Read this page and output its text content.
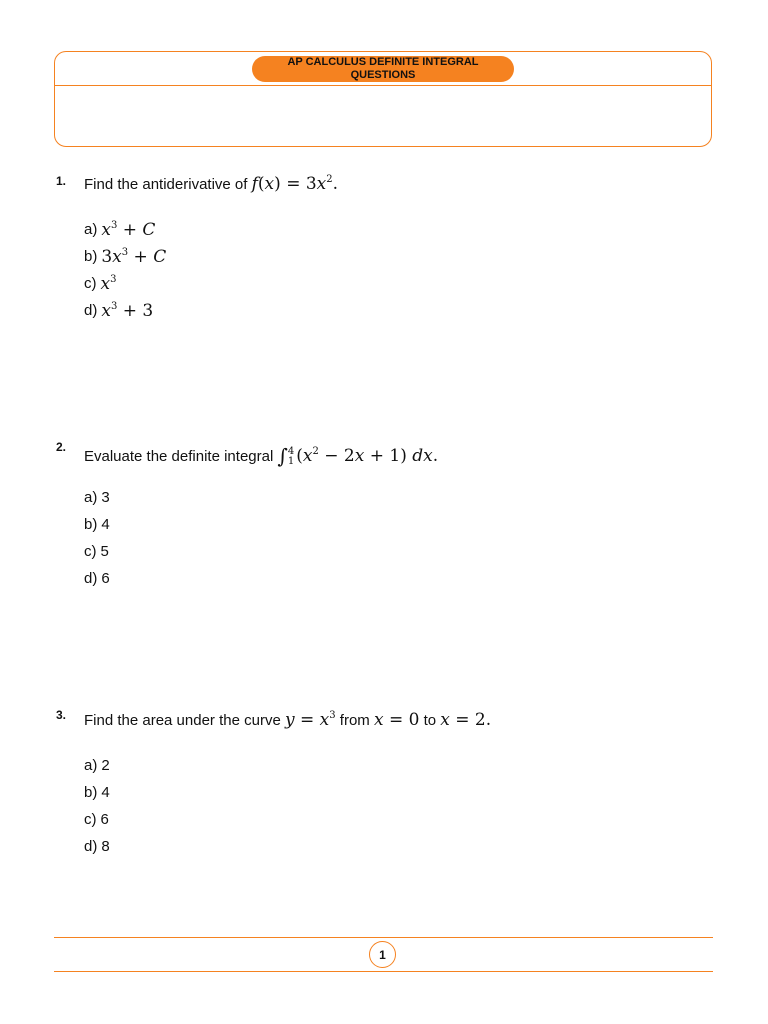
AP CALCULUS DEFINITE INTEGRAL
QUESTIONS
1. Find the antiderivative of $f(x) = 3x^2$.
a) $x^3 + C$
b) $3x^3 + C$
c) $x^3$
d) $x^3 + 3$
2.
Evaluate the definite integral ∫ 4
1 $(x^2 - 2x + 1)$ dx.
a) 3
b) 4
c) 5
d) 6
3. Find the area under the curve $y = x^3$ from x = 0 to x = 2.
a) 2
b) 4
c) 6
d) 8
1
